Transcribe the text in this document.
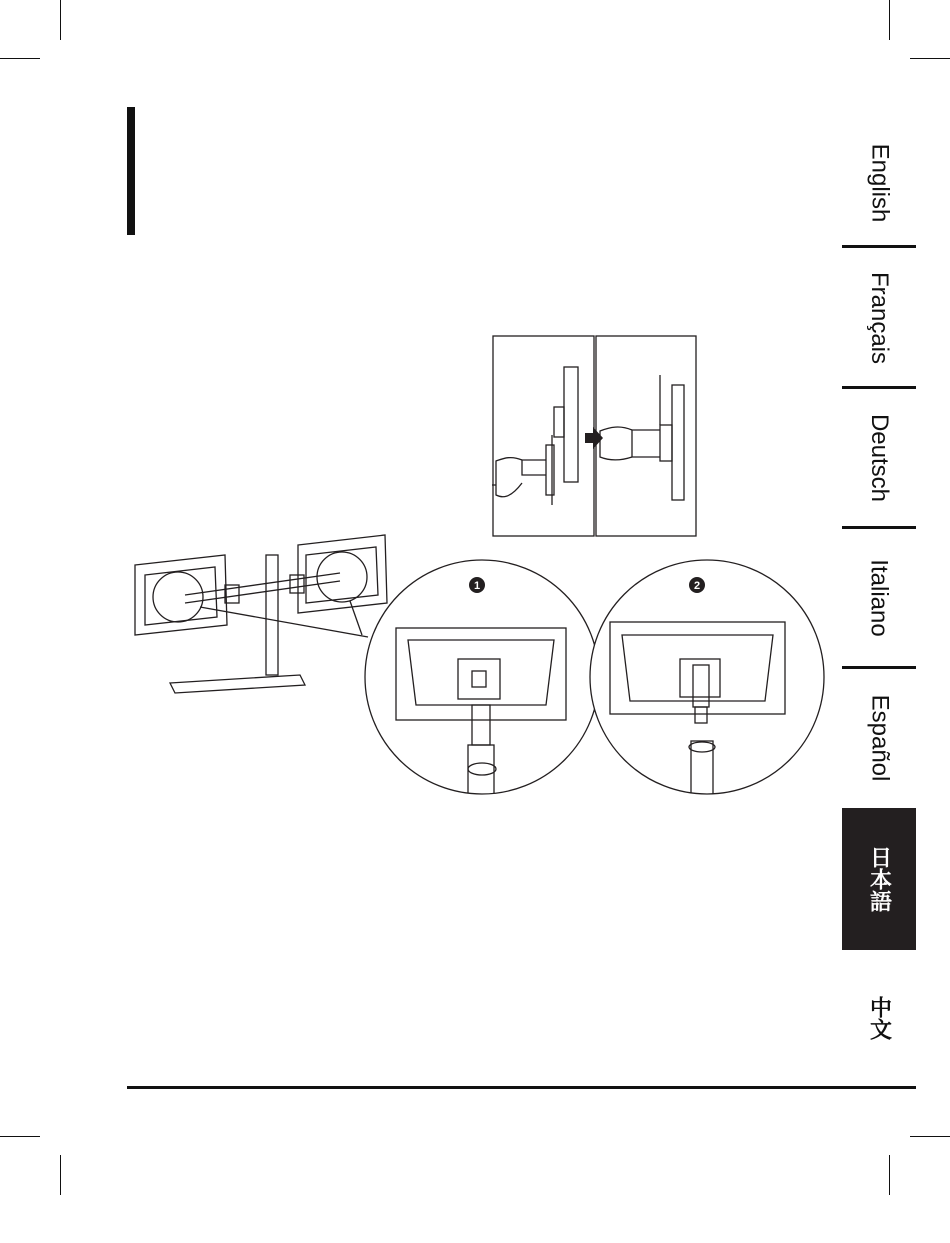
English
Français
Deutsch
Italiano
Español
日本語
中文
1	2
